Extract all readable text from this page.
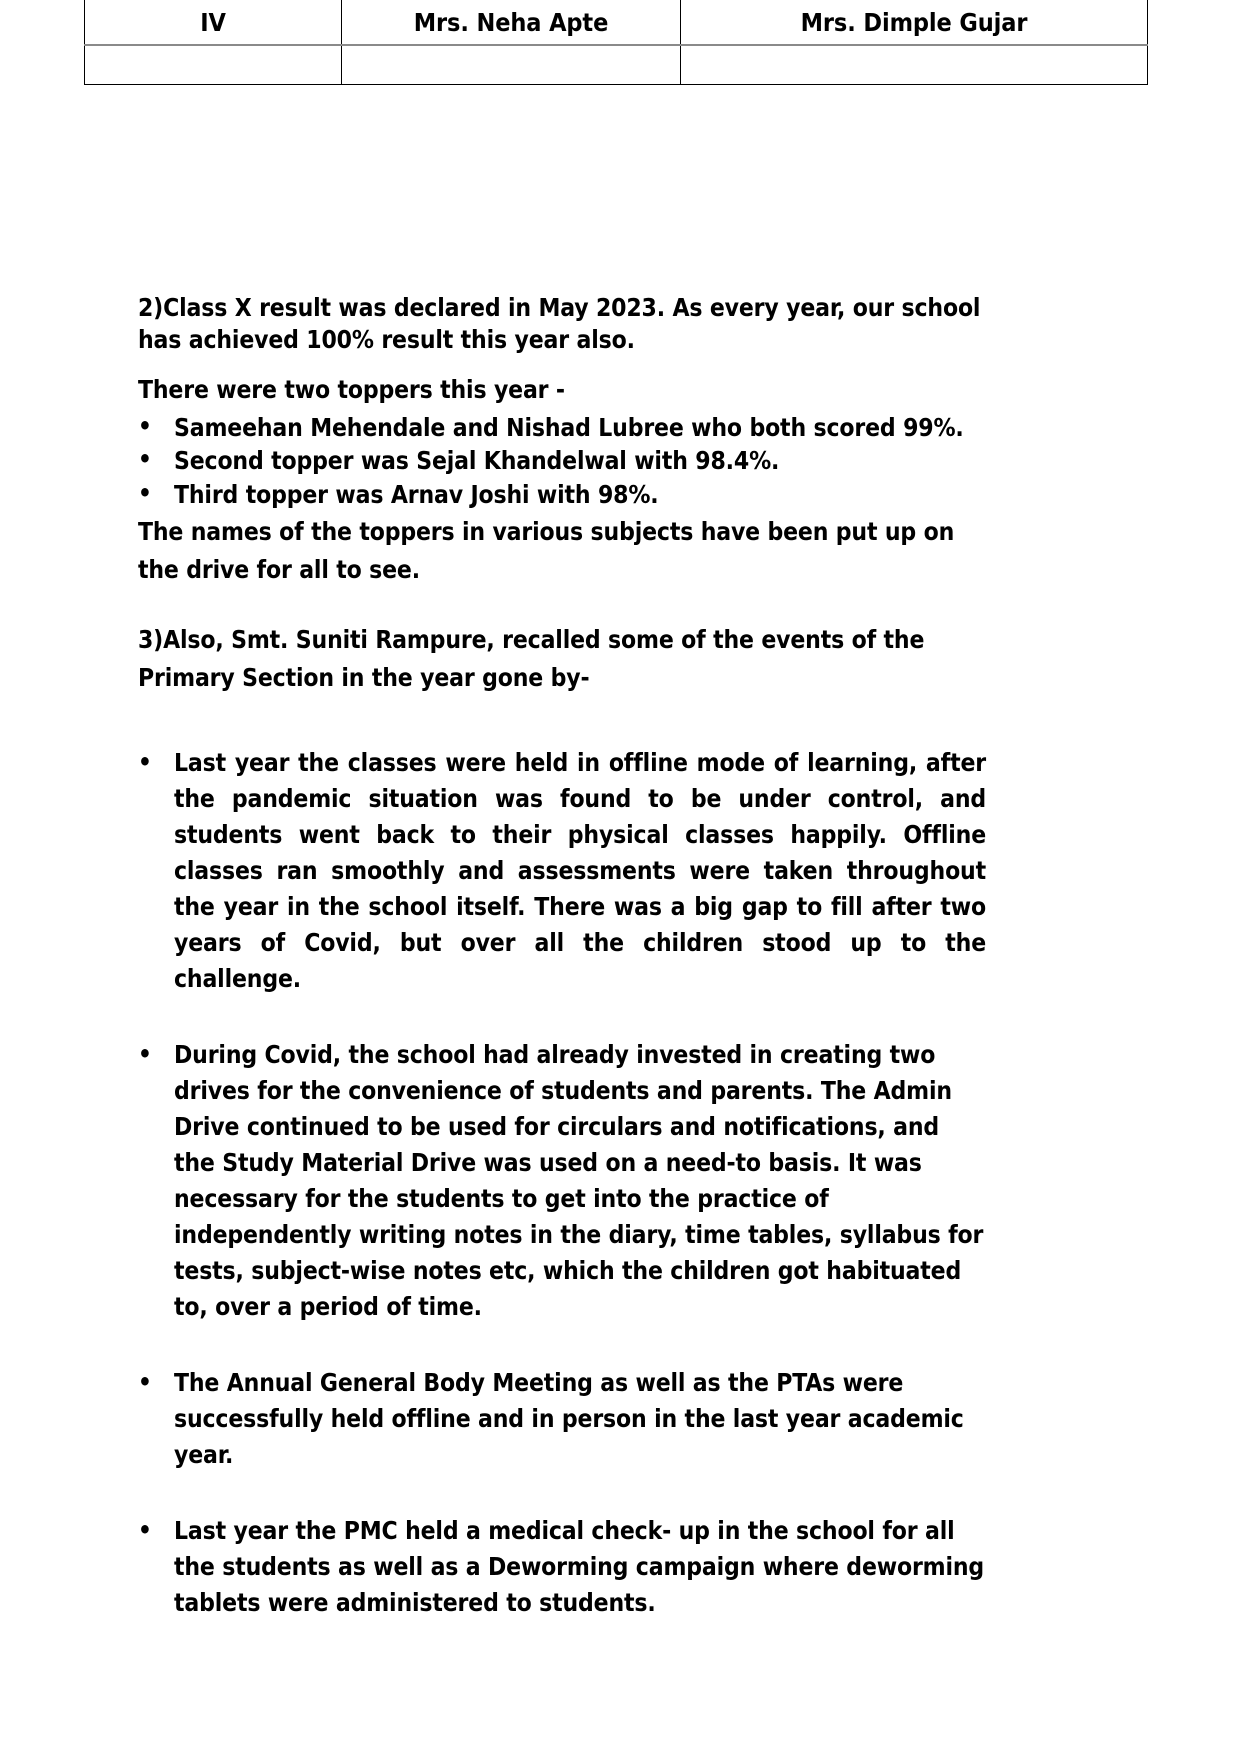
IV	Mrs. Neha Apte	Mrs. Dimple Gujar

2)Class X result was declared in May 2023. As every year, our school has achieved 100% result this year also.

There were two toppers this year -

• Sameehan Mehendale and Nishad Lubree who both scored 99%.
• Second topper was Sejal Khandelwal with 98.4%.
• Third topper was Arnav Joshi with 98%.

The names of the toppers in various subjects have been put up on the drive for all to see.

3)Also, Smt. Suniti Rampure, recalled some of the events of the Primary Section in the year gone by-

• Last year the classes were held in offline mode of learning, after the pandemic situation was found to be under control, and students went back to their physical classes happily. Offline classes ran smoothly and assessments were taken throughout the year in the school itself. There was a big gap to fill after two years of Covid, but over all the children stood up to the challenge.
• During Covid, the school had already invested in creating two drives for the convenience of students and parents. The Admin Drive continued to be used for circulars and notifications, and the Study Material Drive was used on a need-to basis. It was necessary for the students to get into the practice of independently writing notes in the diary, time tables, syllabus for tests, subject-wise notes etc, which the children got habituated to, over a period of time.
• The Annual General Body Meeting as well as the PTAs were successfully held offline and in person in the last year academic year.
• Last year the PMC held a medical check- up in the school for all the students as well as a Deworming campaign where deworming tablets were administered to students.
